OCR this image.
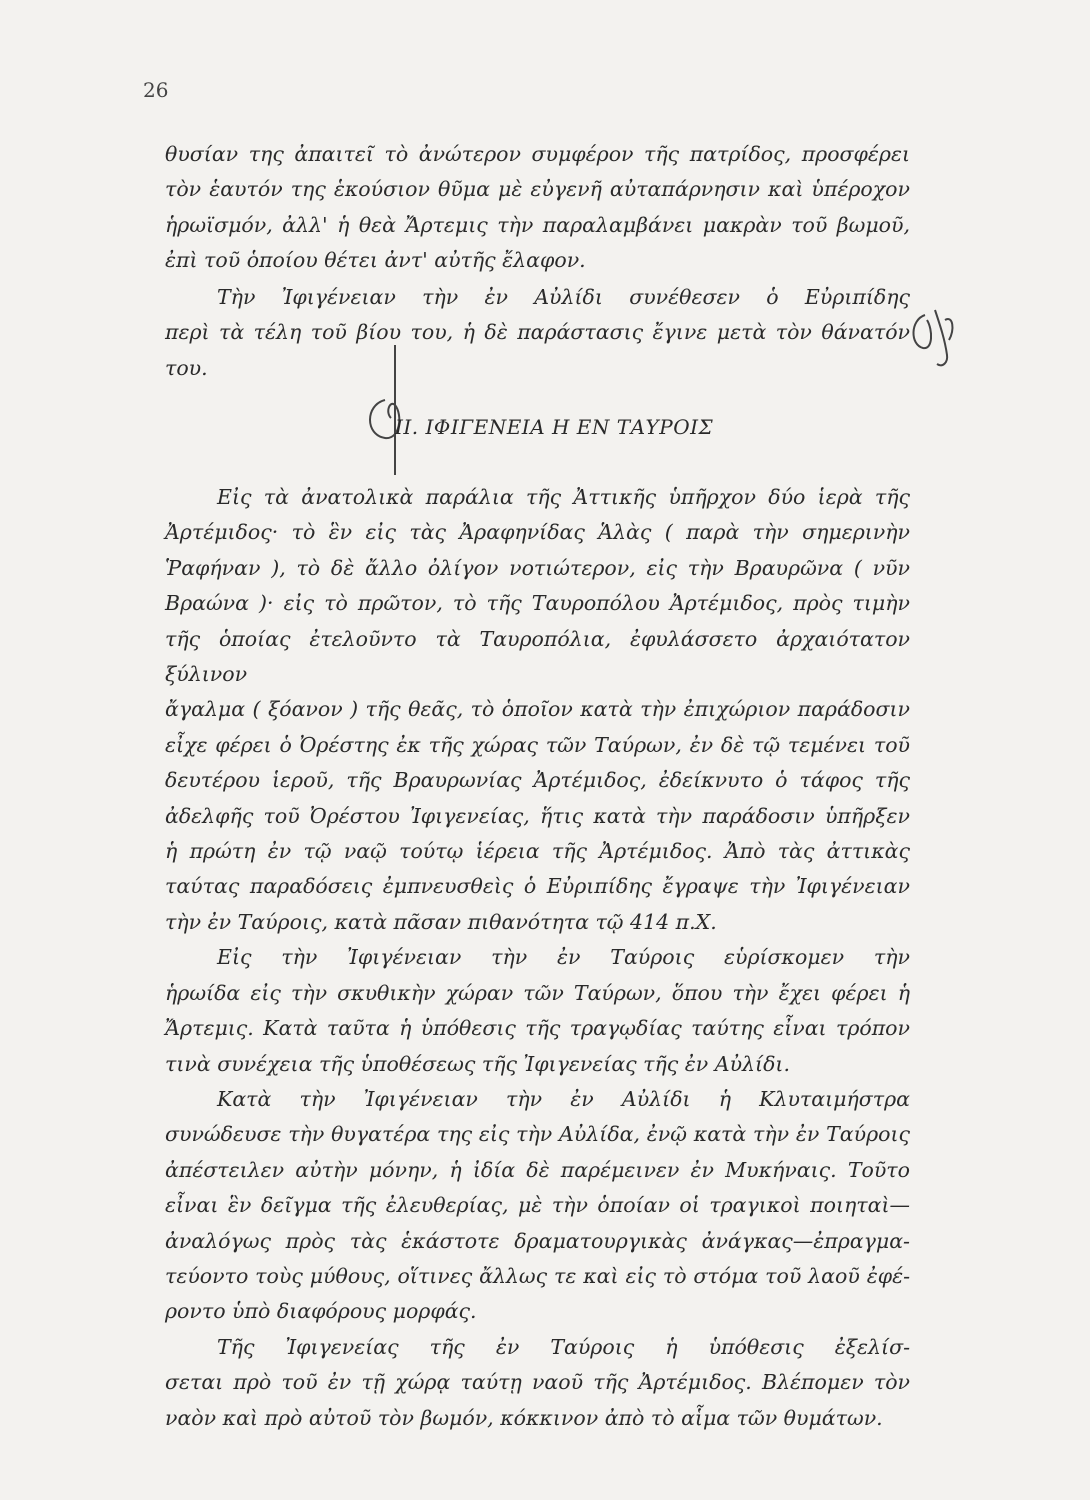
26

θυσίαν της ἀπαιτεῖ τὸ ἀνώτερον συμφέρον τῆς πατρίδος, προσφέρει

τὸν ἑαυτόν της ἑκούσιον θῦμα μὲ εὐγενῆ αὐταπάρνησιν καὶ ὑπέροχον

ἡρωϊσμόν, ἀλλ' ἡ θεὰ Ἄρτεμις τὴν παραλαμβάνει μακρὰν τοῦ βωμοῦ,

ἐπὶ τοῦ ὁποίου θέτει ἀντ' αὐτῆς ἔλαφον.

Τὴν Ἰφιγένειαν τὴν ἐν Αὐλίδι συνέθεσεν ὁ Εὐριπίδης

περὶ τὰ τέλη τοῦ βίου του, ἡ δὲ παράστασις ἔγινε μετὰ τὸν θάνατόν του.

II. ΙΦΙΓΕΝΕΙΑ Η ΕΝ ΤΑΥΡΟΙΣ

Εἰς τὰ ἀνατολικὰ παράλια τῆς Ἀττικῆς ὑπῆρχον δύο ἱερὰ τῆς

Ἀρτέμιδος· τὸ ἓν εἰς τὰς Ἀραφηνίδας Ἁλὰς ( παρὰ τὴν σημερινὴν

Ῥαφήναν ), τὸ δὲ ἄλλο ὀλίγον νοτιώτερον, εἰς τὴν Βραυρῶνα ( νῦν

Βραώνα )· εἰς τὸ πρῶτον, τὸ τῆς Ταυροπόλου Ἀρτέμιδος, πρὸς τιμὴν

τῆς ὁποίας ἐτελοῦντο τὰ Ταυροπόλια, ἐφυλάσσετο ἀρχαιότατον ξύλινον

ἄγαλμα ( ξόανον ) τῆς θεᾶς, τὸ ὁποῖον κατὰ τὴν ἐπιχώριον παράδοσιν

εἶχε φέρει ὁ Ὀρέστης ἐκ τῆς χώρας τῶν Ταύρων, ἐν δὲ τῷ τεμένει τοῦ

δευτέρου ἱεροῦ, τῆς Βραυρωνίας Ἀρτέμιδος, ἐδείκνυτο ὁ τάφος τῆς

ἀδελφῆς τοῦ Ὀρέστου Ἰφιγενείας, ἥτις κατὰ τὴν παράδοσιν ὑπῆρξεν

ἡ πρώτη ἐν τῷ ναῷ τούτῳ ἱέρεια τῆς Ἀρτέμιδος. Ἀπὸ τὰς ἀττικὰς

ταύτας παραδόσεις ἐμπνευσθεὶς ὁ Εὐριπίδης ἔγραψε τὴν Ἰφιγένειαν

τὴν ἐν Ταύροις, κατὰ πᾶσαν πιθανότητα τῷ 414 π.Χ.

Εἰς τὴν Ἰφιγένειαν τὴν ἐν Ταύροις εὑρίσκομεν τὴν

ἡρωίδα εἰς τὴν σκυθικὴν χώραν τῶν Ταύρων, ὅπου τὴν ἔχει φέρει ἡ

Ἄρτεμις. Κατὰ ταῦτα ἡ ὑπόθεσις τῆς τραγῳδίας ταύτης εἶναι τρόπον

τινὰ συνέχεια τῆς ὑποθέσεως τῆς Ἰφιγενείας τῆς ἐν Αὐλίδι.

Κατὰ τὴν Ἰφιγένειαν τὴν ἐν Αὐλίδι ἡ Κλυταιμήστρα

συνώδευσε τὴν θυγατέρα της εἰς τὴν Αὐλίδα, ἐνῷ κατὰ τὴν ἐν Ταύροις

ἀπέστειλεν αὐτὴν μόνην, ἡ ἰδία δὲ παρέμεινεν ἐν Μυκήναις. Τοῦτο

εἶναι ἓν δεῖγμα τῆς ἐλευθερίας, μὲ τὴν ὁποίαν οἱ τραγικοὶ ποιηταὶ—

ἀναλόγως πρὸς τὰς ἑκάστοτε δραματουργικὰς ἀνάγκας—ἐπραγμα-

τεύοντο τοὺς μύθους, οἵτινες ἄλλως τε καὶ εἰς τὸ στόμα τοῦ λαοῦ ἐφέ-

ροντο ὑπὸ διαφόρους μορφάς.

Τῆς Ἰφιγενείας τῆς ἐν Ταύροις ἡ ὑπόθεσις ἐξελίσ-

σεται πρὸ τοῦ ἐν τῇ χώρᾳ ταύτῃ ναοῦ τῆς Ἀρτέμιδος. Βλέπομεν τὸν

ναὸν καὶ πρὸ αὐτοῦ τὸν βωμόν, κόκκινον ἀπὸ τὸ αἷμα τῶν θυμάτων.
